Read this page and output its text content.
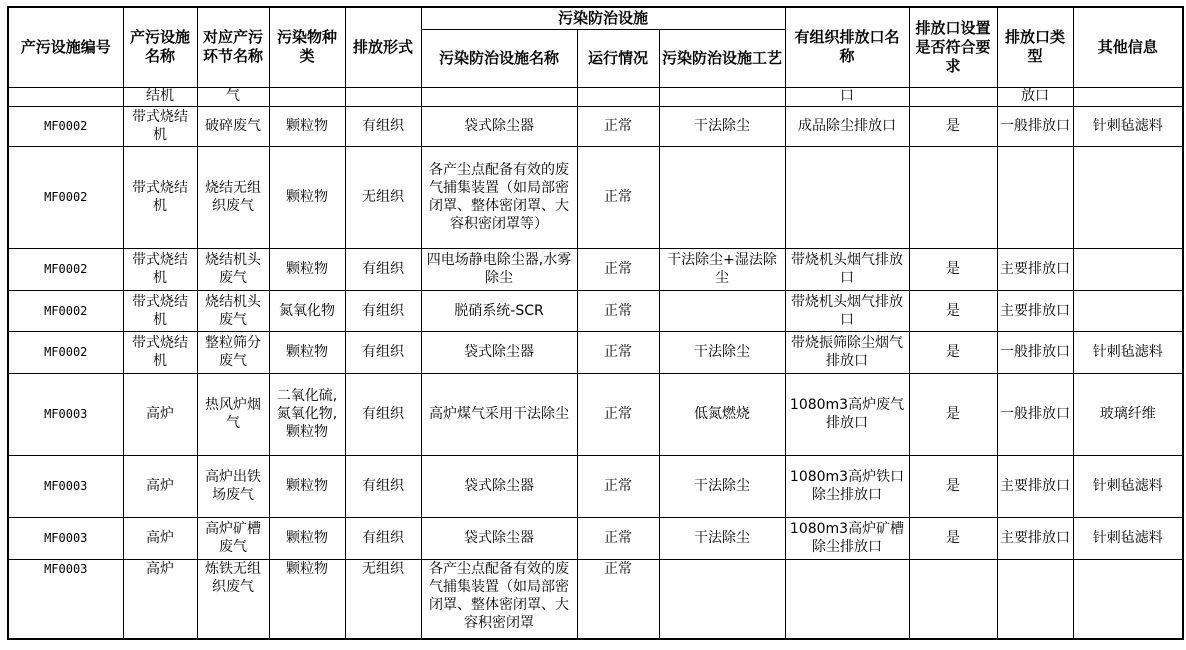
产污设施编号	产污设施名称	对应产污环节名称	污染物种类	排放形式	污染防治设施			有组织排放口名称	排放口设置是否符合要求	排放口类型	其他信息
					污染防治设施名称	运行情况	污染防治设施工艺				

	结机	气						口		放口	

MF0002	带式烧结机	破碎废气	颗粒物	有组织	袋式除尘器	正常	干法除尘	成品除尘排放口	是	一般排放口	针刺毡滤料
MF0002	带式烧结机	烧结无组织废气	颗粒物	无组织	各产尘点配备有效的废气捕集装置（如局部密闭罩、整体密闭罩、大容积密闭罩等）	正常					
MF0002	带式烧结机	烧结机头废气	颗粒物	有组织	四电场静电除尘器,水雾除尘	正常	干法除尘+湿法除尘	带烧机头烟气排放口	是	主要排放口	
MF0002	带式烧结机	烧结机头废气	氮氧化物	有组织	脱硝系统-SCR	正常		带烧机头烟气排放口	是	主要排放口	
MF0002	带式烧结机	整粒筛分废气	颗粒物	有组织	袋式除尘器	正常	干法除尘	带烧振筛除尘烟气排放口	是	一般排放口	针刺毡滤料
MF0003	高炉	热风炉烟气	二氧化硫,氮氧化物,颗粒物	有组织	高炉煤气采用干法除尘	正常	低氮燃烧	1080m3高炉废气排放口	是	一般排放口	玻璃纤维
MF0003	高炉	高炉出铁场废气	颗粒物	有组织	袋式除尘器	正常	干法除尘	1080m3高炉铁口除尘排放口	是	主要排放口	针刺毡滤料
MF0003	高炉	高炉矿槽废气	颗粒物	有组织	袋式除尘器	正常	干法除尘	1080m3高炉矿槽除尘排放口	是	主要排放口	针刺毡滤料
MF0003	高炉	炼铁无组织废气	颗粒物	无组织	各产尘点配备有效的废气捕集装置（如局部密闭罩、整体密闭罩、大容积密闭罩	正常					
